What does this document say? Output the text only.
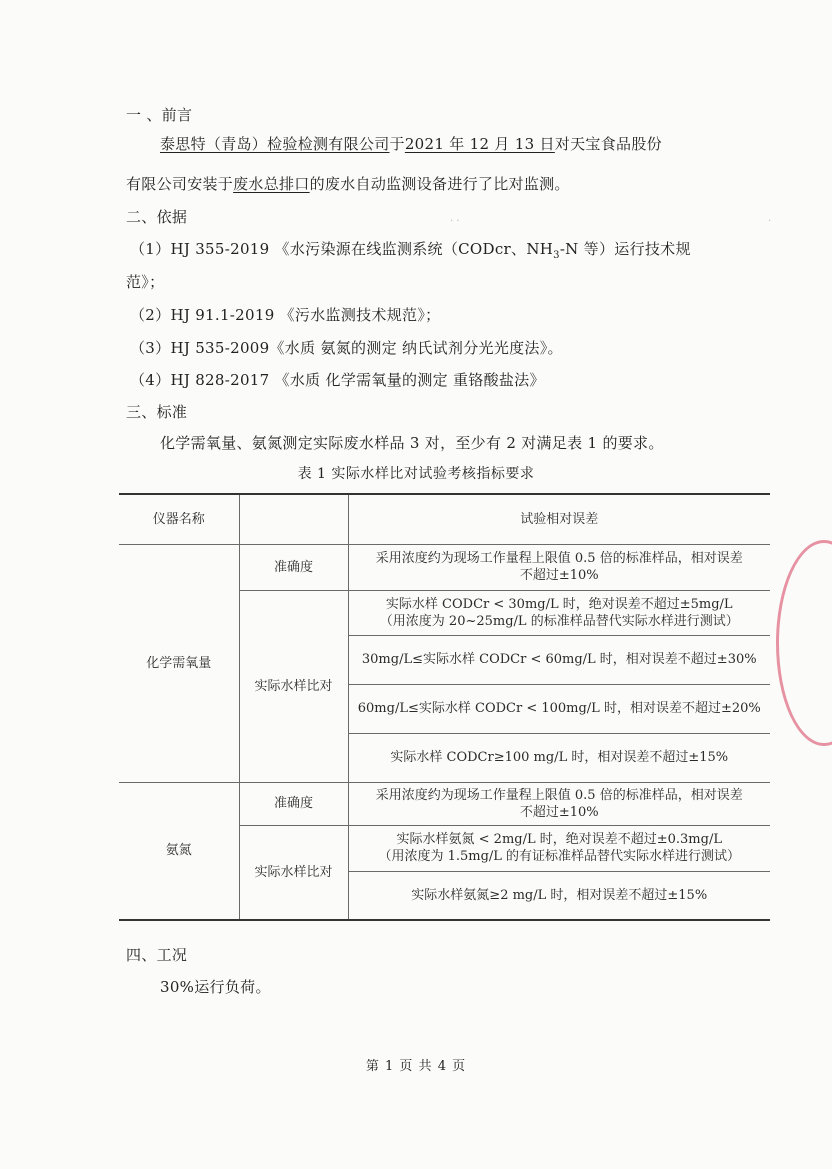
一 、前言
泰思特（青岛）检验检测有限公司于2021 年 12 月 13 日对天宝食品股份
有限公司安装于废水总排口的废水自动监测设备进行了比对监测。
二、依据
（1）HJ 355-2019 《水污染源在线监测系统（CODcr、$NH_3-N$ 等）运行技术规
范》；
（2）HJ 91.1-2019 《污水监测技术规范》；
（3）HJ 535-2009《水质 氨氮的测定 纳氏试剂分光光度法》。
（4）HJ 828-2017 《水质 化学需氧量的测定 重铬酸盐法》
三、标准
化学需氧量、氨氮测定实际废水样品 3 对，至少有 2 对满足表 1 的要求。
表 1 实际水样比对试验考核指标要求
仪器名称		试验相对误差
化学需氧量	准确度	采用浓度约为现场工作量程上限值 0.5 倍的标准样品，相对误差
不超过±10%

	实际水样比对	实际水样 CODCr < 30mg/L 时，绝对误差不超过±5mg/L
（用浓度为 20~25mg/L 的标准样品替代实际水样进行测试）

		30mg/L≤实际水样 CODCr < 60mg/L 时，相对误差不超过±30%
		60mg/L≤实际水样 CODCr < 100mg/L 时，相对误差不超过±20%
		实际水样 CODCr≥100 mg/L 时，相对误差不超过±15%
氨氮	准确度	采用浓度约为现场工作量程上限值 0.5 倍的标准样品，相对误差
不超过±10%

	实际水样比对	实际水样氨氮 < 2mg/L 时，绝对误差不超过±0.3mg/L
（用浓度为 1.5mg/L 的有证标准样品替代实际水样进行测试）

		实际水样氨氮≥2 mg/L 时，相对误差不超过±15%
四、工况
30%运行负荷。
第 1 页 共 4 页
· ·	·
